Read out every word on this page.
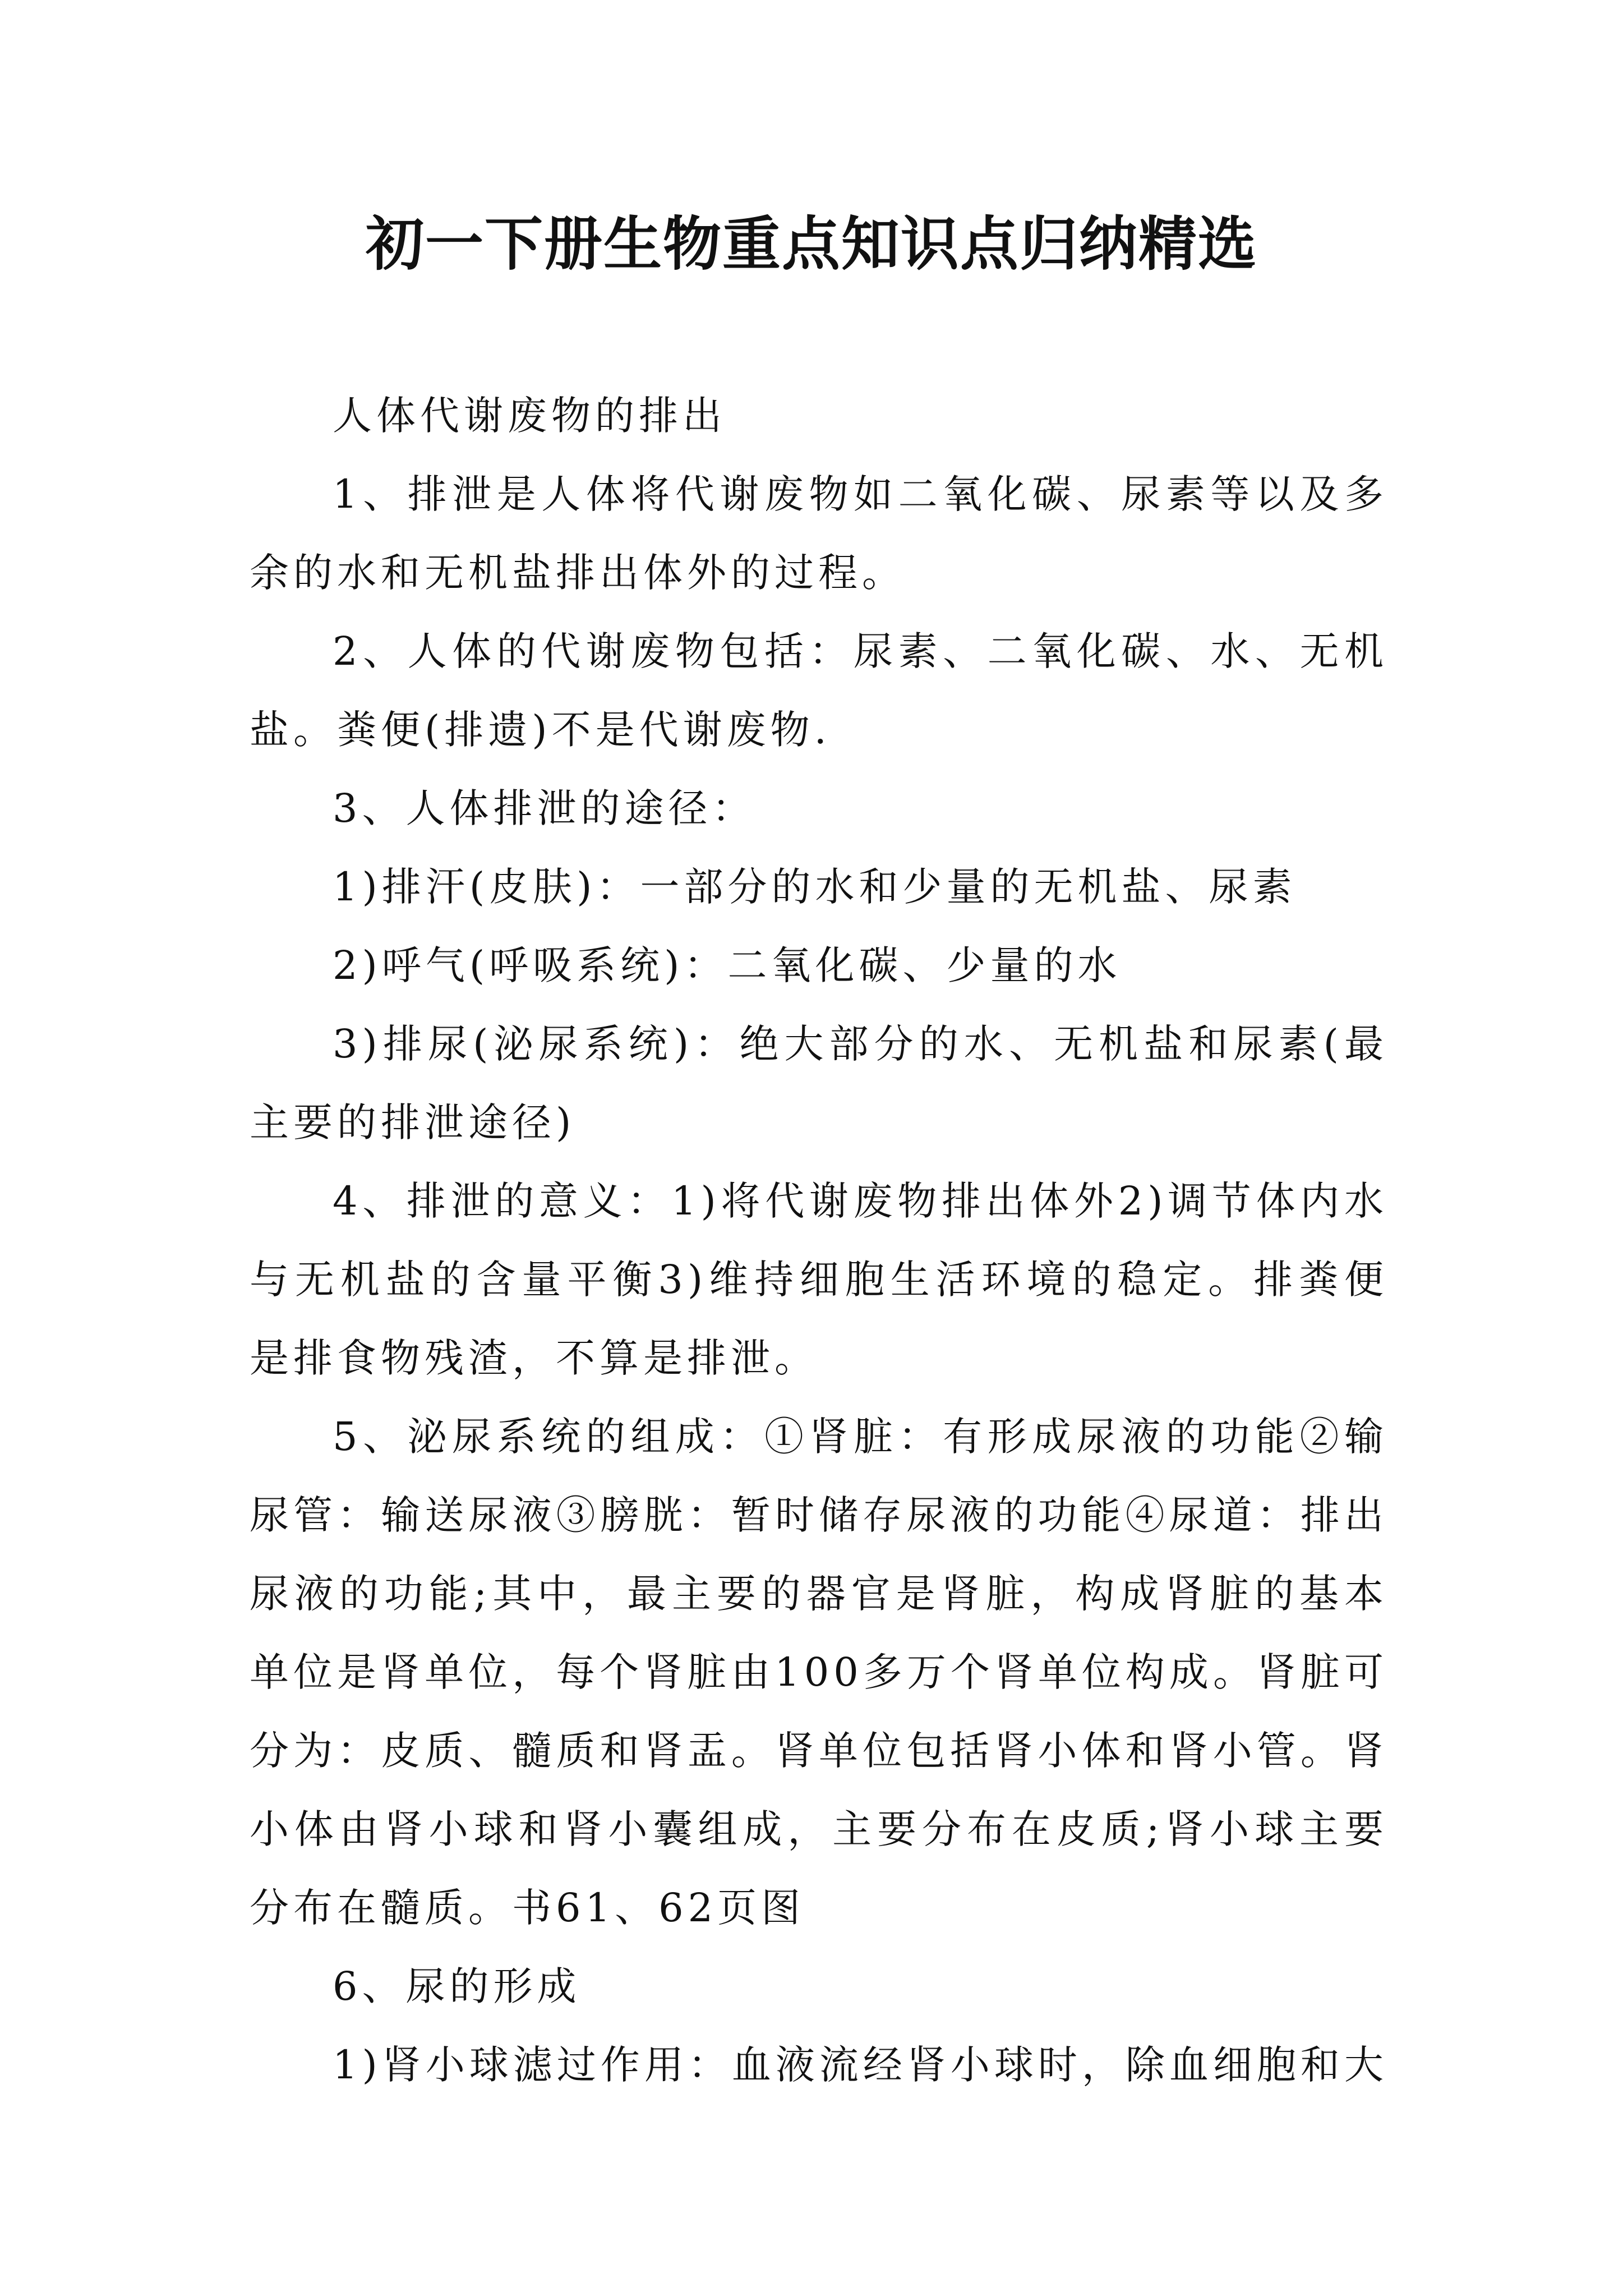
初一下册生物重点知识点归纳精选

人体代谢废物的排出

1、排泄是人体将代谢废物如二氧化碳、尿素等以及多余的水和无机盐排出体外的过程。

2、人体的代谢废物包括：尿素、二氧化碳、水、无机盐。粪便(排遗)不是代谢废物.

3、人体排泄的途径：

1)排汗(皮肤)：一部分的水和少量的无机盐、尿素

2)呼气(呼吸系统)：二氧化碳、少量的水

3)排尿(泌尿系统)：绝大部分的水、无机盐和尿素(最主要的排泄途径)

4、排泄的意义：1)将代谢废物排出体外2)调节体内水与无机盐的含量平衡3)维持细胞生活环境的稳定。排粪便是排食物残渣，不算是排泄。

5、泌尿系统的组成：①肾脏：有形成尿液的功能②输尿管：输送尿液③膀胱：暂时储存尿液的功能④尿道：排出尿液的功能;其中，最主要的器官是肾脏，构成肾脏的基本单位是肾单位，每个肾脏由100多万个肾单位构成。肾脏可分为：皮质、髓质和肾盂。肾单位包括肾小体和肾小管。肾小体由肾小球和肾小囊组成，主要分布在皮质;肾小球主要分布在髓质。书61、62页图

6、尿的形成

1)肾小球滤过作用：血液流经肾小球时，除血细胞和大
